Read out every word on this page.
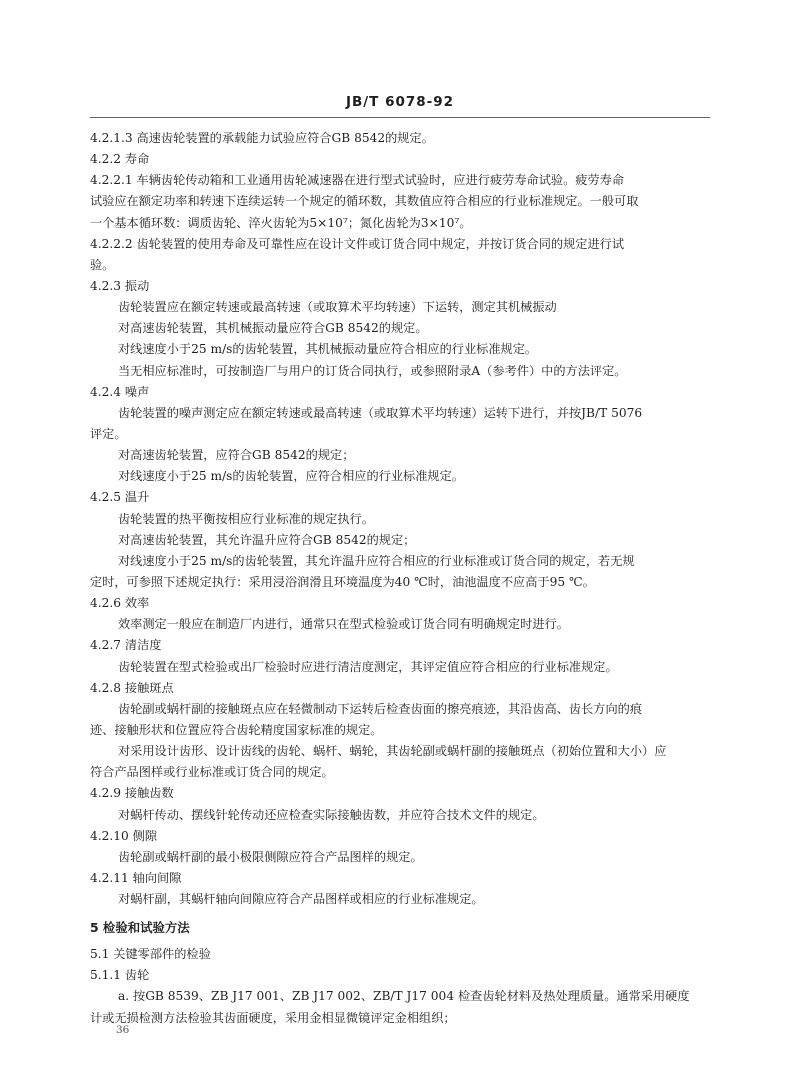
JB/T 6078-92
4.2.1.3 高速齿轮装置的承载能力试验应符合GB 8542的规定。
4.2.2 寿命
4.2.2.1 车辆齿轮传动箱和工业通用齿轮减速器在进行型式试验时，应进行疲劳寿命试验。疲劳寿命
试验应在额定功率和转速下连续运转一个规定的循环数，其数值应符合相应的行业标准规定。一般可取
一个基本循环数：调质齿轮、淬火齿轮为5×10⁷；氮化齿轮为3×10⁷。
4.2.2.2 齿轮装置的使用寿命及可靠性应在设计文件或订货合同中规定，并按订货合同的规定进行试
验。
4.2.3 振动
齿轮装置应在额定转速或最高转速（或取算术平均转速）下运转，测定其机械振动
对高速齿轮装置，其机械振动量应符合GB 8542的规定。
对线速度小于25 m/s的齿轮装置，其机械振动量应符合相应的行业标准规定。
当无相应标准时，可按制造厂与用户的订货合同执行，或参照附录A（参考件）中的方法评定。
4.2.4 噪声
齿轮装置的噪声测定应在额定转速或最高转速（或取算术平均转速）运转下进行，并按JB/T 5076
评定。
对高速齿轮装置，应符合GB 8542的规定；
对线速度小于25 m/s的齿轮装置，应符合相应的行业标准规定。
4.2.5 温升
齿轮装置的热平衡按相应行业标准的规定执行。
对高速齿轮装置，其允许温升应符合GB 8542的规定；
对线速度小于25 m/s的齿轮装置，其允许温升应符合相应的行业标准或订货合同的规定，若无规
定时，可参照下述规定执行：采用浸浴润滑且环境温度为40 ℃时，油池温度不应高于95 ℃。
4.2.6 效率
效率测定一般应在制造厂内进行，通常只在型式检验或订货合同有明确规定时进行。
4.2.7 清洁度
齿轮装置在型式检验或出厂检验时应进行清洁度测定，其评定值应符合相应的行业标准规定。
4.2.8 接触斑点
齿轮副或蜗杆副的接触斑点应在轻微制动下运转后检查齿面的擦亮痕迹，其沿齿高、齿长方向的痕
迹、接触形状和位置应符合齿轮精度国家标准的规定。
对采用设计齿形、设计齿线的齿轮、蜗杆、蜗轮，其齿轮副或蜗杆副的接触斑点（初始位置和大小）应
符合产品图样或行业标准或订货合同的规定。
4.2.9 接触齿数
对蜗杆传动、摆线针轮传动还应检查实际接触齿数，并应符合技术文件的规定。
4.2.10 侧隙
齿轮副或蜗杆副的最小极限侧隙应符合产品图样的规定。
4.2.11 轴向间隙
对蜗杆副，其蜗杆轴向间隙应符合产品图样或相应的行业标准规定。
5 检验和试验方法
5.1 关键零部件的检验
5.1.1 齿轮
a. 按GB 8539、ZB J17 001、ZB J17 002、ZB/T J17 004 检查齿轮材料及热处理质量。通常采用硬度
计或无损检测方法检验其齿面硬度，采用金相显微镜评定金相组织；
36
